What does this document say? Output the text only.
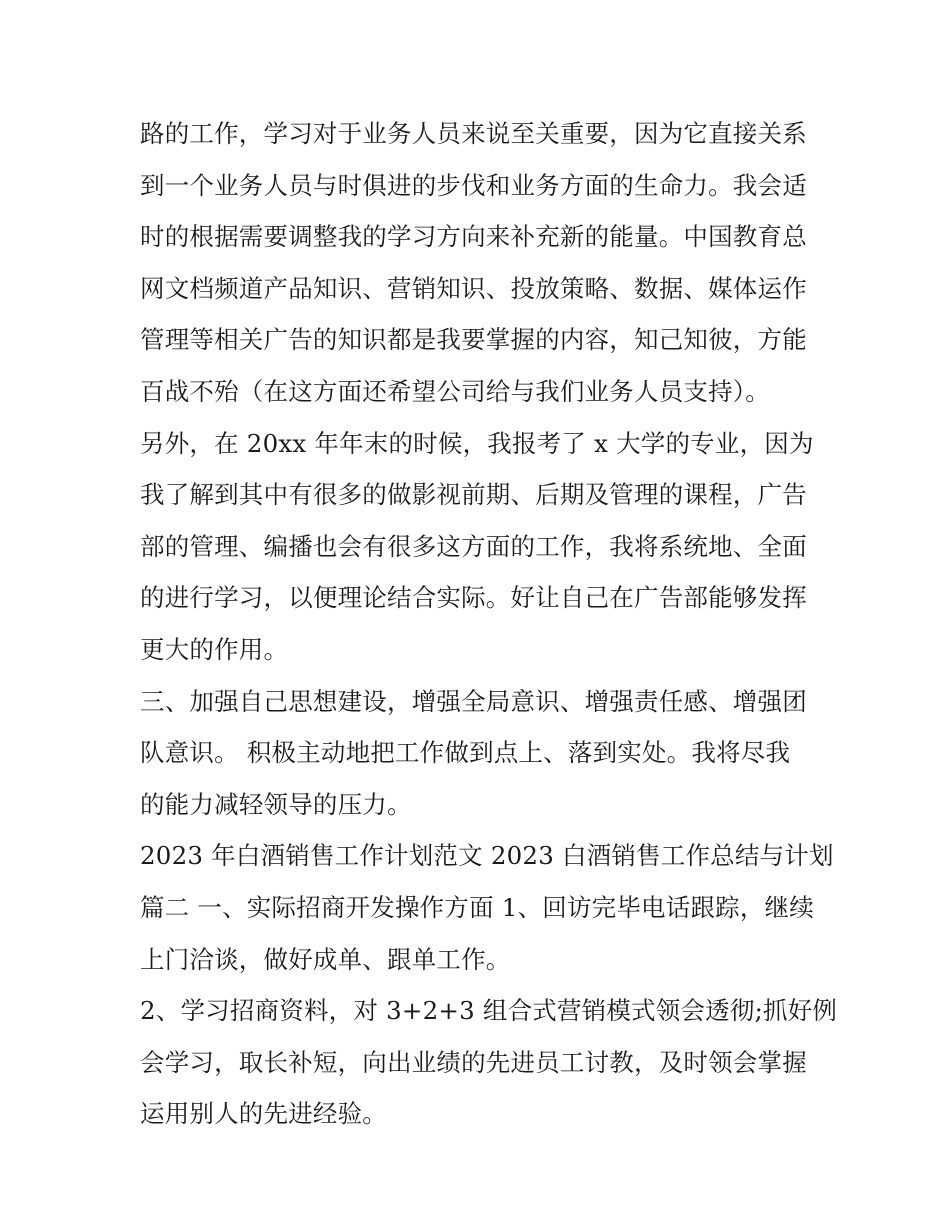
路的工作，学习对于业务人员来说至关重要，因为它直接关系
到一个业务人员与时俱进的步伐和业务方面的生命力。我会适
时的根据需要调整我的学习方向来补充新的能量。中国教育总
网文档频道产品知识、营销知识、投放策略、数据、媒体运作
管理等相关广告的知识都是我要掌握的内容，知己知彼，方能
百战不殆（在这方面还希望公司给与我们业务人员支持）。
另外，在 20xx 年年末的时候，我报考了 x 大学的专业，因为
我了解到其中有很多的做影视前期、后期及管理的课程，广告
部的管理、编播也会有很多这方面的工作，我将系统地、全面
的进行学习，以便理论结合实际。好让自己在广告部能够发挥
更大的作用。
三、加强自己思想建设，增强全局意识、增强责任感、增强团
队意识。 积极主动地把工作做到点上、落到实处。我将尽我
的能力减轻领导的压力。
2023 年白酒销售工作计划范文 2023 白酒销售工作总结与计划
篇二 一、实际招商开发操作方面 1、回访完毕电话跟踪，继续
上门洽谈，做好成单、跟单工作。
2、学习招商资料，对 3+2+3 组合式营销模式领会透彻;抓好例
会学习，取长补短，向出业绩的先进员工讨教，及时领会掌握
运用别人的先进经验。
